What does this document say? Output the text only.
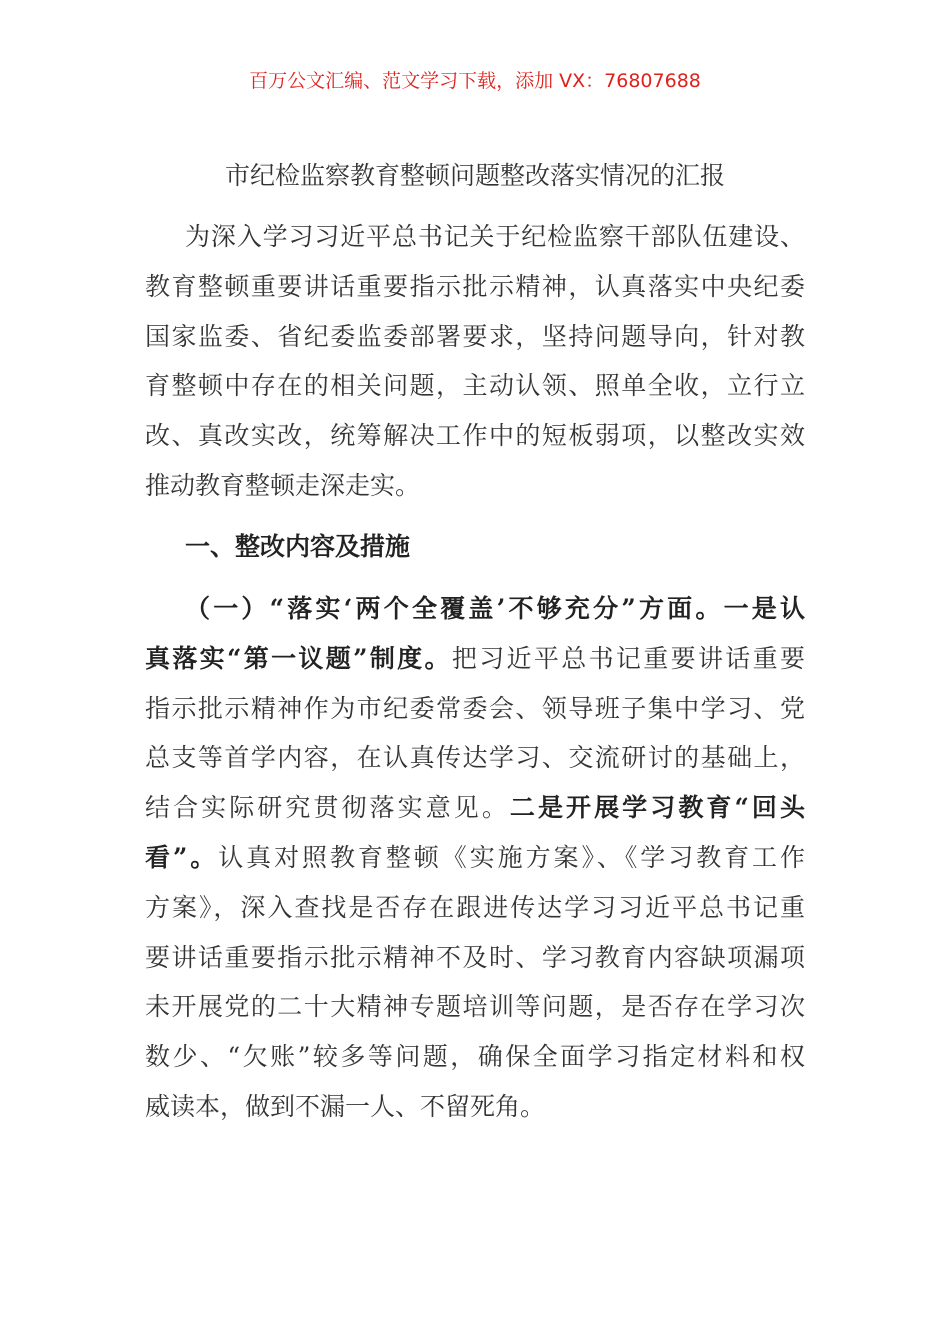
百万公文汇编、范文学习下载，添加 VX：76807688
市纪检监察教育整顿问题整改落实情况的汇报
为深入学习习近平总书记关于纪检监察干部队伍建设、
教育整顿重要讲话重要指示批示精神，认真落实中央纪委
国家监委、省纪委监委部署要求，坚持问题导向，针对教
育整顿中存在的相关问题，主动认领、照单全收，立行立
改、真改实改，统筹解决工作中的短板弱项，以整改实效
推动教育整顿走深走实。
一、整改内容及措施
（一）“落实‘两个全覆盖’不够充分”方面。一是认
真落实“第一议题”制度。把习近平总书记重要讲话重要
指示批示精神作为市纪委常委会、领导班子集中学习、党
总支等首学内容，在认真传达学习、交流研讨的基础上，
结合实际研究贯彻落实意见。二是开展学习教育“回头
看”。认真对照教育整顿《实施方案》、《学习教育工作
方案》，深入查找是否存在跟进传达学习习近平总书记重
要讲话重要指示批示精神不及时、学习教育内容缺项漏项
未开展党的二十大精神专题培训等问题，是否存在学习次
数少、“欠账”较多等问题，确保全面学习指定材料和权
威读本，做到不漏一人、不留死角。
